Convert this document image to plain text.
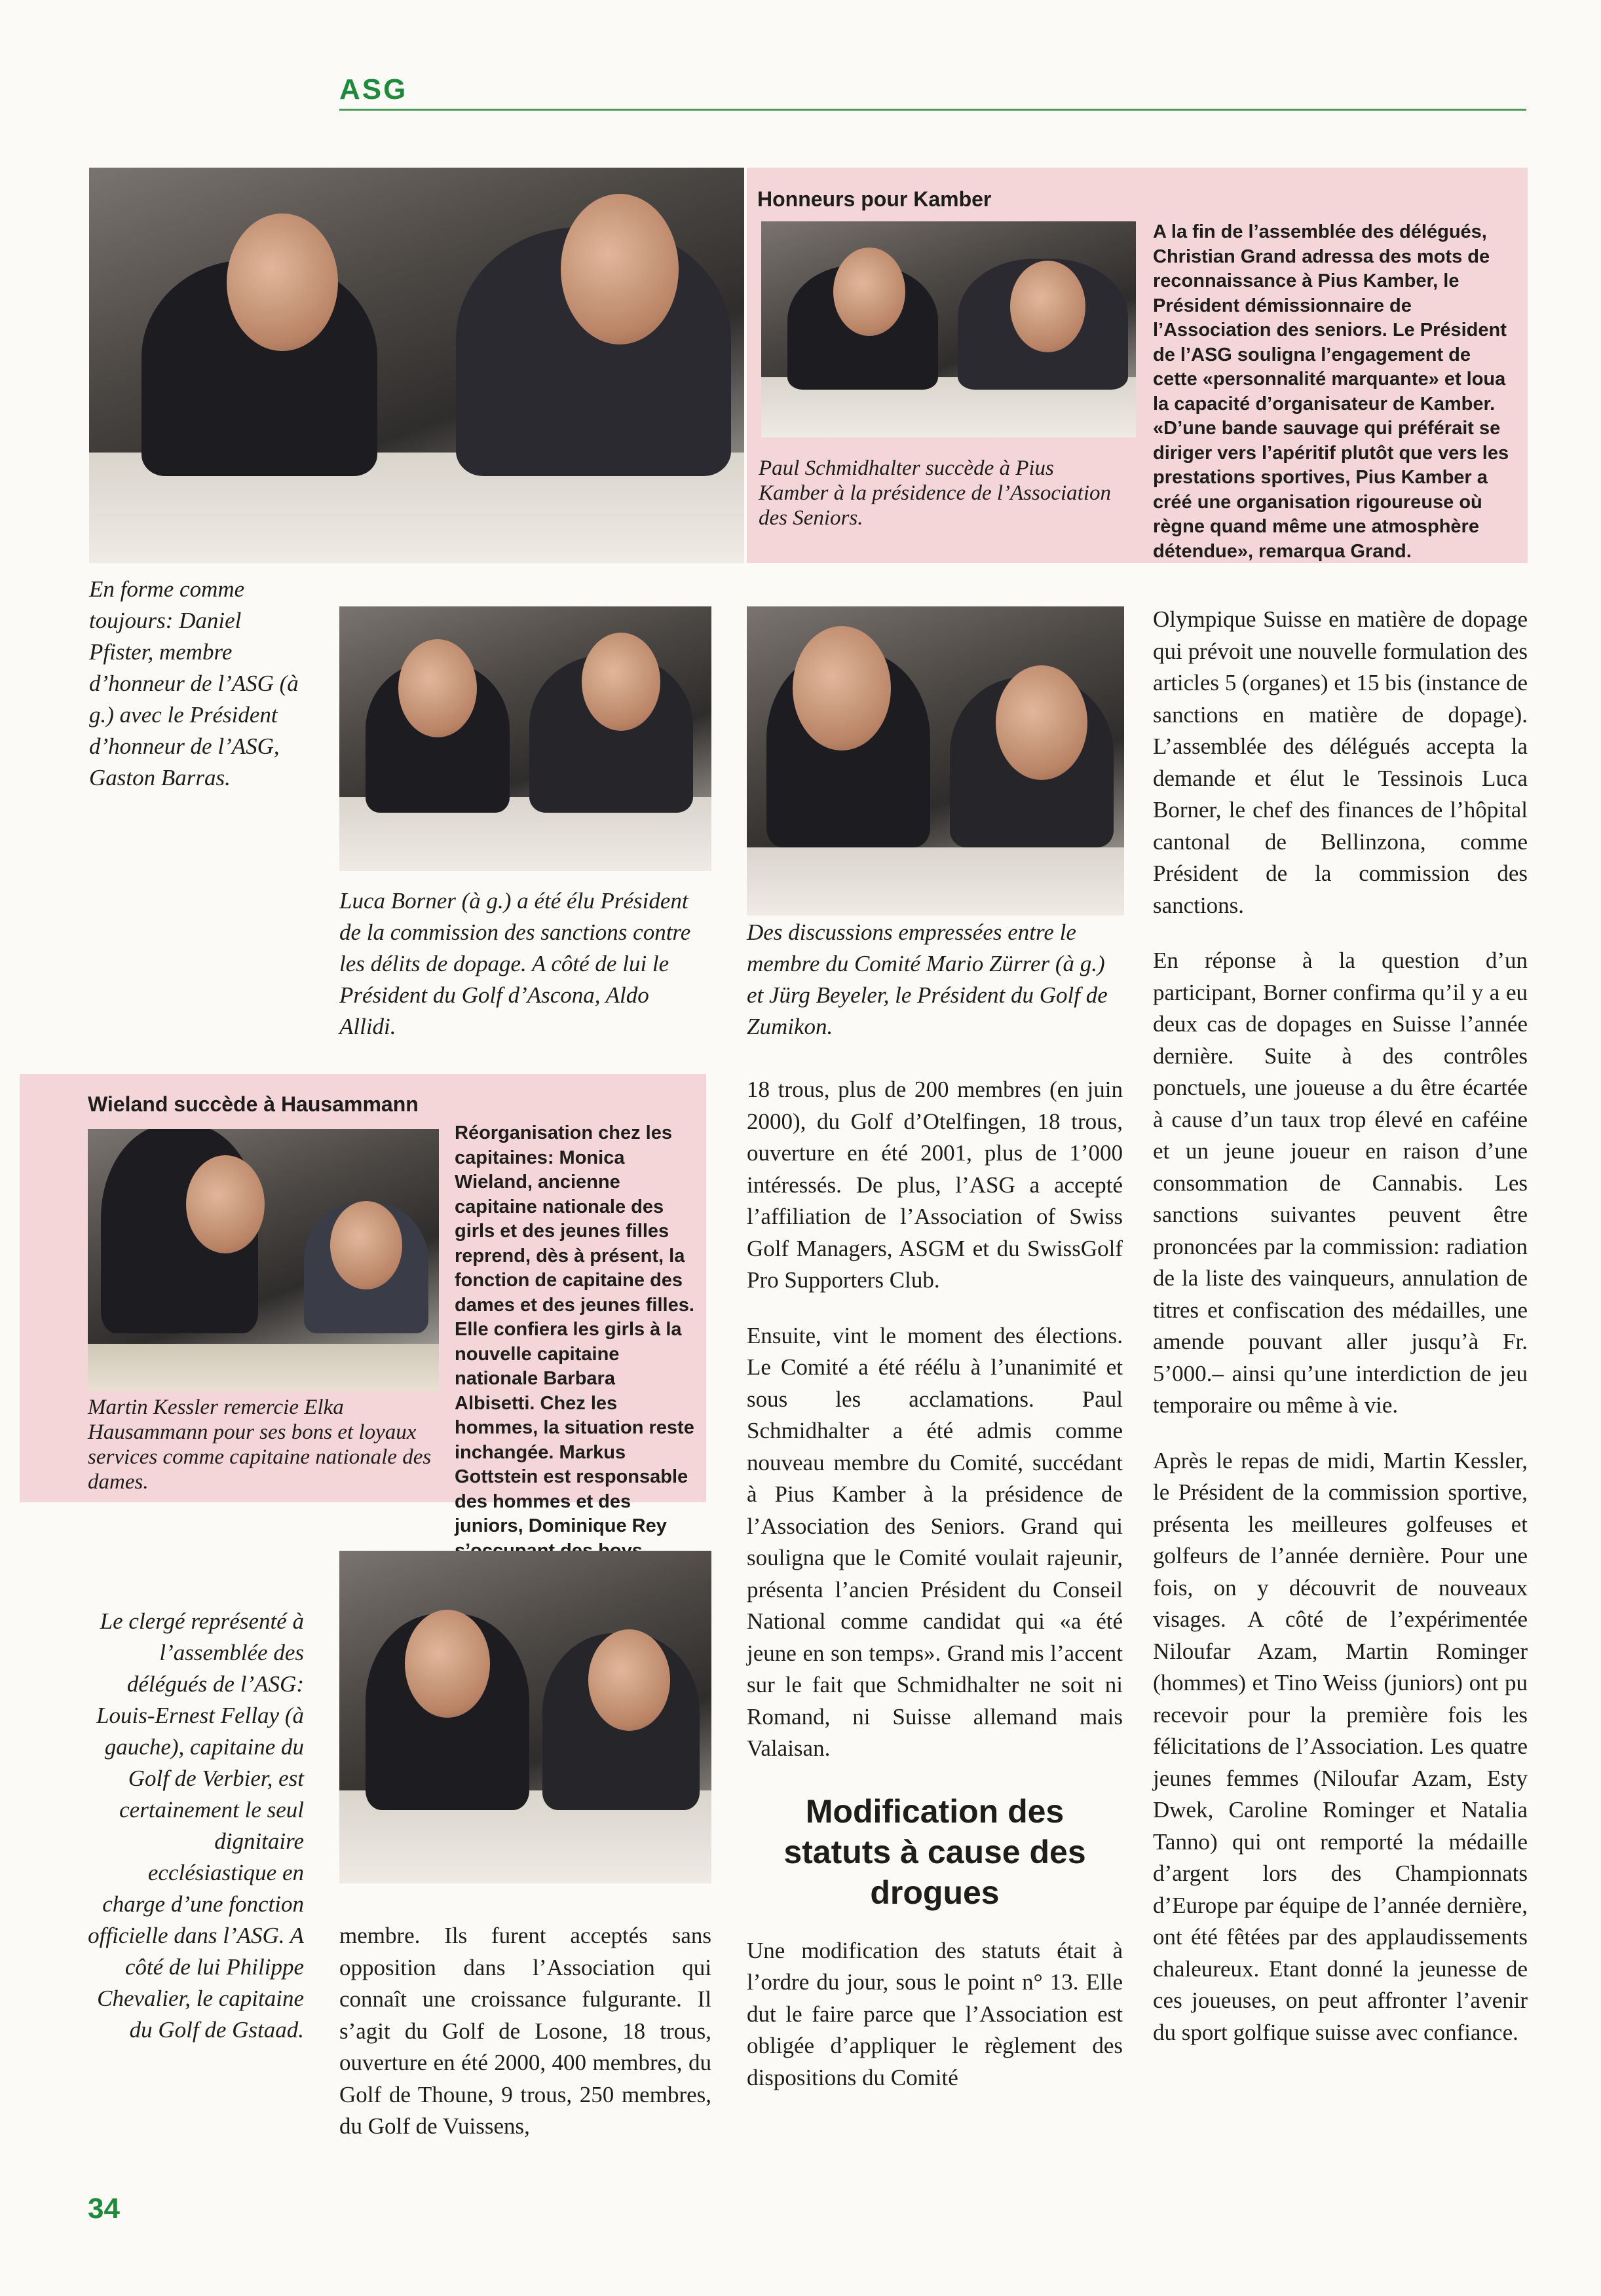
ASG
En forme comme toujours: Daniel Pfister, membre d’honneur de l’ASG (à g.) avec le Président d’honneur de l’ASG, Gaston Barras.
Honneurs pour Kamber
Paul Schmidhalter succède à Pius Kamber à la présidence de l’Association des Seniors.
A la fin de l’assemblée des délégués, Christian Grand adressa des mots de reconnaissance à Pius Kamber, le Président démissionnaire de l’Association des seniors. Le Président de l’ASG souligna l’engagement de cette «personnalité marquante» et loua la capacité d’organisateur de Kamber. «D’une bande sauvage qui préférait se diriger vers l’apéritif plutôt que vers les prestations sportives, Pius Kamber a créé une organisation rigoureuse où règne quand même une atmosphère détendue», remarqua Grand.
Luca Borner (à g.) a été élu Président de la commission des sanctions contre les délits de dopage. A côté de lui le Président du Golf d’Ascona, Aldo Allidi.
Des discussions empressées entre le membre du Comité Mario Zürrer (à g.) et Jürg Beyeler, le Président du Golf de Zumikon.
Wieland succède à Hausammann
Martin Kessler remercie Elka Hausammann pour ses bons et loyaux services comme capitaine nationale des dames.
Réorganisation chez les capitaines: Monica Wieland, ancienne capitaine nationale des girls et des jeunes filles reprend, dès à présent, la fonction de capitaine des dames et des jeunes filles. Elle confiera les girls à la nouvelle capitaine nationale Barbara Albisetti. Chez les hommes, la situation reste inchangée. Markus Gottstein est responsable des hommes et des juniors, Dominique Rey
Le clergé représenté à l’assemblée des délégués de l’ASG: Louis-Ernest Fellay (à gauche), capitaine du Golf de Verbier, est certainement le seul dignitaire ecclésiastique en charge d’une fonction officielle dans l’ASG. A côté de lui Philippe Chevalier, le capitaine du Golf de Gstaad.

membre. Ils furent acceptés sans opposition dans l’Association qui connaît une croissance fulgurante. Il s’agit du Golf de Losone, 18 trous, ouverture en été 2000, 400 membres, du Golf de Thoune, 9 trous, 250 membres, du Golf de Vuissens,

18 trous, plus de 200 membres (en juin 2000), du Golf d’Otelfingen, 18 trous, ouverture en été 2001, plus de 1’000 intéressés. De plus, l’ASG a accepté l’affiliation de l’Association of Swiss Golf Managers, ASGM et du SwissGolf Pro Supporters Club.

Ensuite, vint le moment des élections. Le Comité a été réélu à l’unanimité et sous les acclamations. Paul Schmidhalter a été admis comme nouveau membre du Comité, succédant à Pius Kamber à la présidence de l’Association des Seniors. Grand qui souligna que le Comité voulait rajeunir, présenta l’ancien Président du Conseil National comme candidat qui «a été jeune en son temps». Grand mis l’accent sur le fait que Schmidhalter ne soit ni Romand, ni Suisse allemand mais Valaisan.

Modification des statuts à cause des drogues

Une modification des statuts était à l’ordre du jour, sous le point n° 13. Elle dut le faire parce que l’Association est obligée d’appliquer le règlement des dispositions du Comité

Olympique Suisse en matière de dopage qui prévoit une nouvelle formulation des articles 5 (organes) et 15 bis (instance de sanctions en matière de dopage). L’assemblée des délégués accepta la demande et élut le Tessinois Luca Borner, le chef des finances de l’hôpital cantonal de Bellinzona, comme Président de la commission des sanctions.

En réponse à la question d’un participant, Borner confirma qu’il y a eu deux cas de dopages en Suisse l’année dernière. Suite à des contrôles ponctuels, une joueuse a du être écartée à cause d’un taux trop élevé en caféine et un jeune joueur en raison d’une consommation de Cannabis. Les sanctions suivantes peuvent être prononcées par la commission: radiation de la liste des vainqueurs, annulation de titres et confiscation des médailles, une amende pouvant aller jusqu’à Fr. 5’000.– ainsi qu’une interdiction de jeu temporaire ou même à vie.

Après le repas de midi, Martin Kessler, le Président de la commission sportive, présenta les meilleures golfeuses et golfeurs de l’année dernière. Pour une fois, on y découvrit de nouveaux visages. A côté de l’expérimentée Niloufar Azam, Martin Rominger (hommes) et Tino Weiss (juniors) ont pu recevoir pour la première fois les félicitations de l’Association. Les quatre jeunes femmes (Niloufar Azam, Esty Dwek, Caroline Rominger et Natalia Tanno) qui ont remporté la médaille d’argent lors des Championnats d’Europe par équipe de l’année dernière, ont été fêtées par des applaudissements chaleureux. Etant donné la jeunesse de ces joueuses, on peut affronter l’avenir du sport golfique suisse avec confiance.

34
